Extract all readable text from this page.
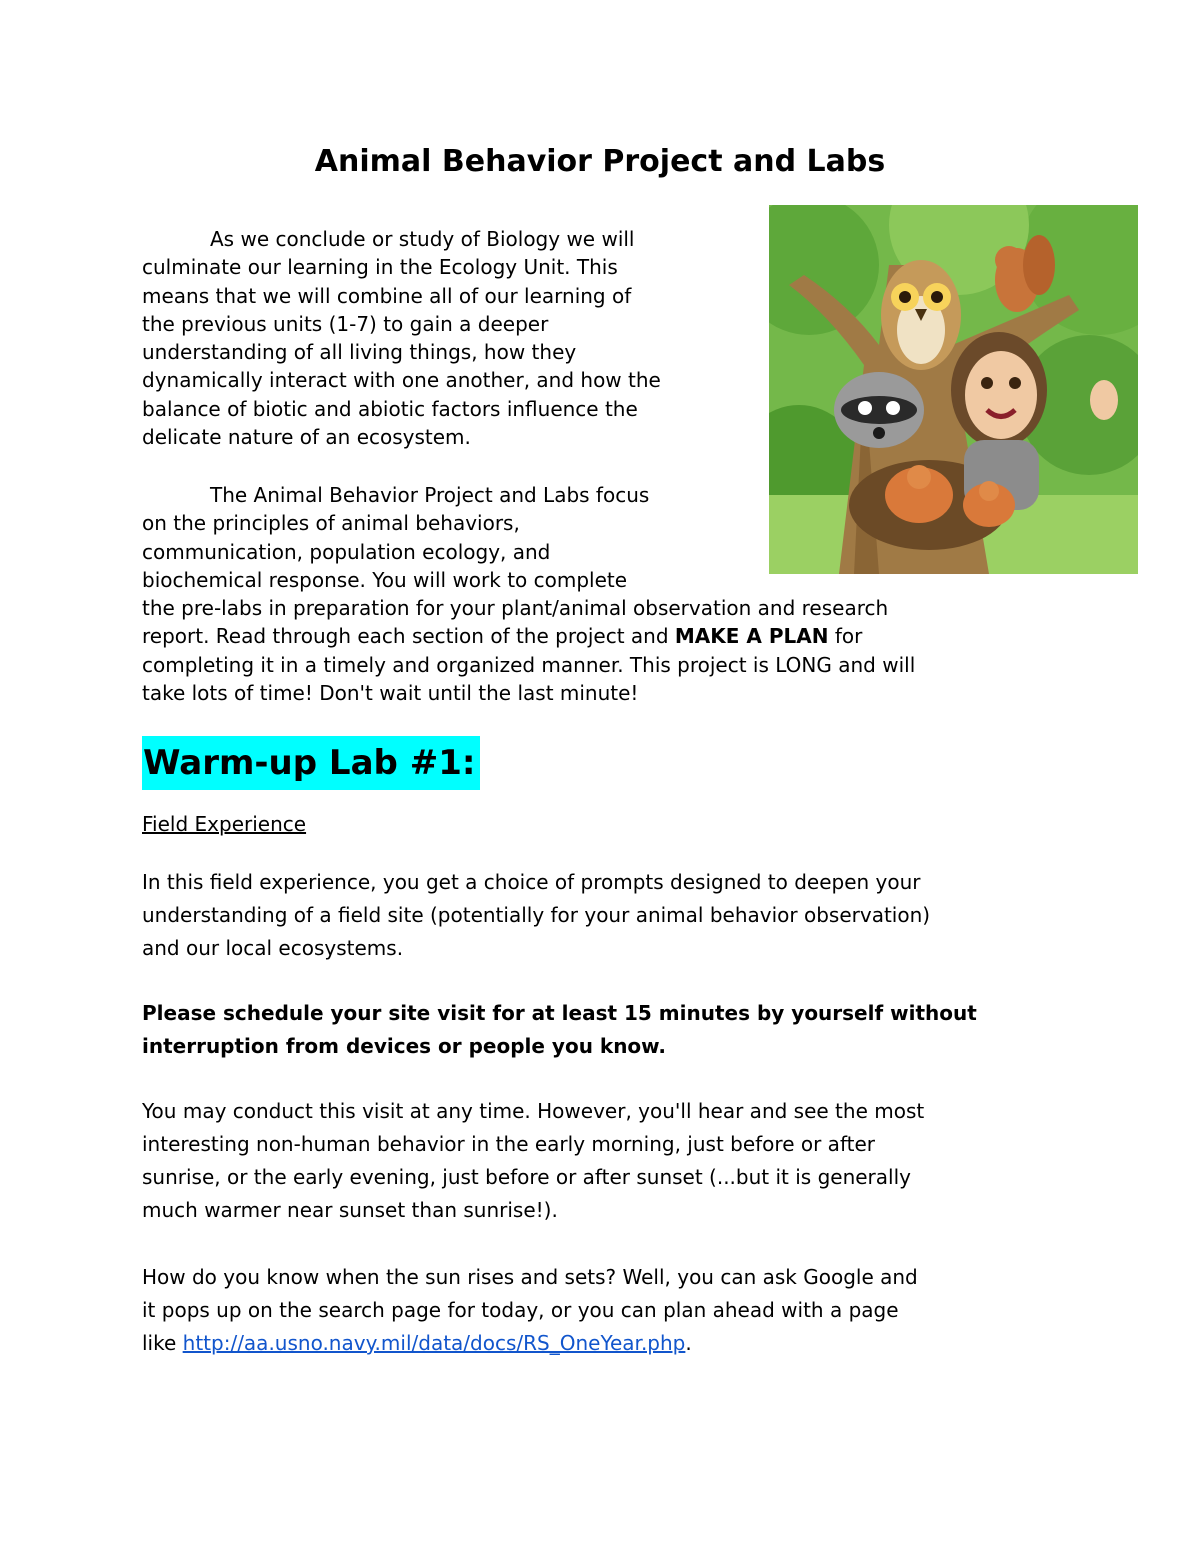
Animal Behavior Project and Labs
As we conclude or study of Biology we will
culminate our learning in the Ecology Unit. This
means that we will combine all of our learning of
the previous units (1-7) to gain a deeper
understanding of all living things, how they
dynamically interact with one another, and how the
balance of biotic and abiotic factors influence the
delicate nature of an ecosystem.
The Animal Behavior Project and Labs focus
on the principles of animal behaviors,
communication, population ecology, and
biochemical response. You will work to complete
the pre-labs in preparation for your plant/animal observation and research
report. Read through each section of the project and MAKE A PLAN for
completing it in a timely and organized manner. This project is LONG and will
take lots of time! Don't wait until the last minute!
Warm-up Lab #1:
Field Experience
In this field experience, you get a choice of prompts designed to deepen your
understanding of a field site (potentially for your animal behavior observation)
and our local ecosystems.
Please schedule your site visit for at least 15 minutes by yourself without
interruption from devices or people you know.
You may conduct this visit at any time. However, you'll hear and see the most
interesting non-human behavior in the early morning, just before or after
sunrise, or the early evening, just before or after sunset (...but it is generally
much warmer near sunset than sunrise!).
How do you know when the sun rises and sets? Well, you can ask Google and
it pops up on the search page for today, or you can plan ahead with a page
like http://aa.usno.navy.mil/data/docs/RS_OneYear.php.
